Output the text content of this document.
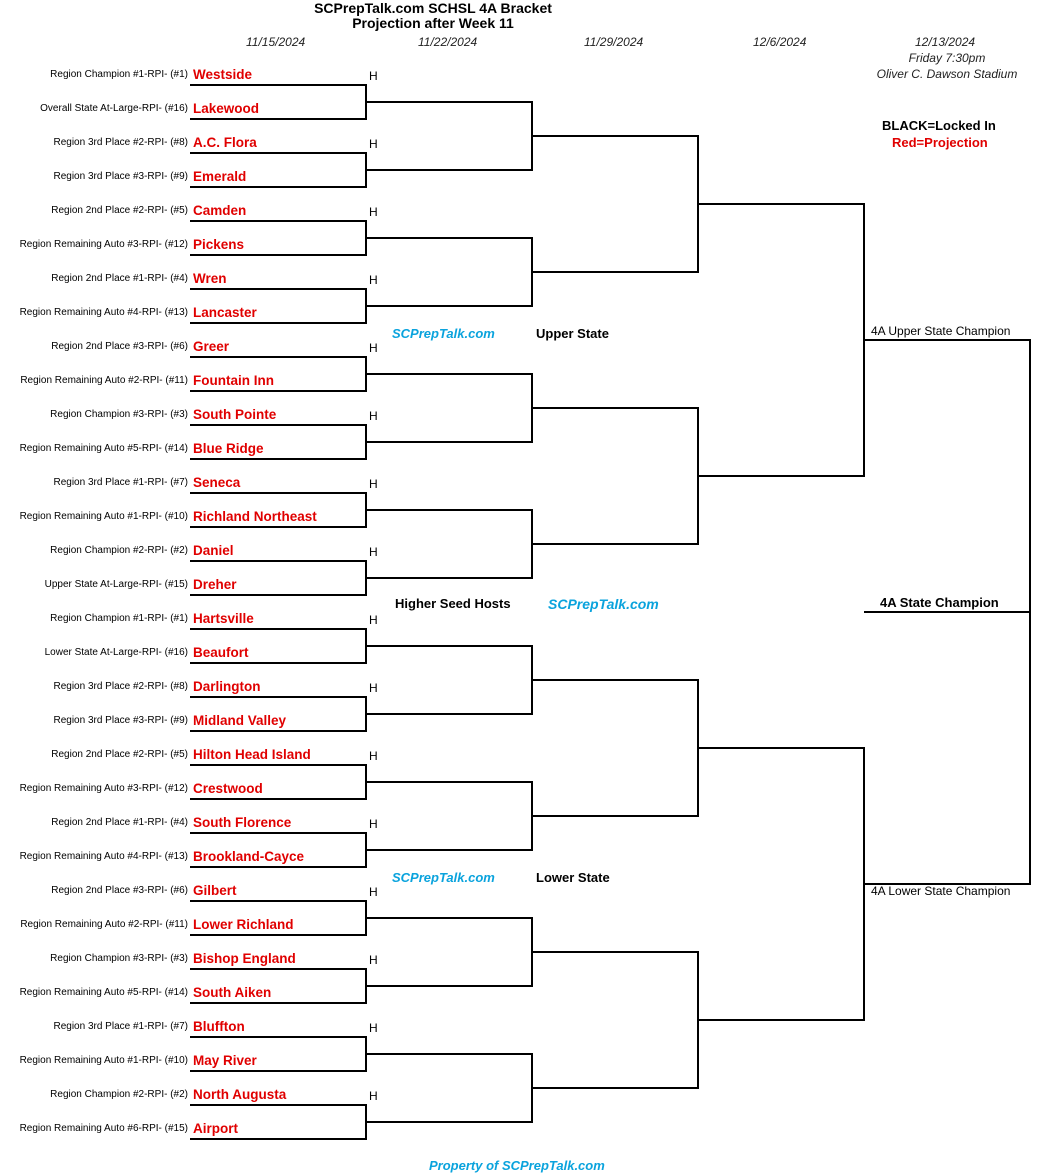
SCPrepTalk.com SCHSL 4A Bracket
Projection after Week 11
11/15/2024	11/22/2024	11/29/2024	12/6/2024	12/13/2024
Friday 7:30pm
Oliver C. Dawson Stadium
BLACK=Locked In
Red=Projection
SCPrepTalk.com	Upper State
Higher Seed Hosts	SCPrepTalk.com
SCPrepTalk.com	Lower State
4A Upper State Champion
4A Lower State Champion
4A State Champion
Property of SCPrepTalk.com
Region Champion #1-RPI- (#1) Westside	H
Overall State At-Large-RPI- (#16) Lakewood
Region 3rd Place #2-RPI- (#8) A.C. Flora	H
Region 3rd Place #3-RPI- (#9) Emerald
Region 2nd Place #2-RPI- (#5) Camden	H
Region Remaining Auto #3-RPI- (#12) Pickens
Region 2nd Place #1-RPI- (#4) Wren	H
Region Remaining Auto #4-RPI- (#13) Lancaster
Region 2nd Place #3-RPI- (#6) Greer	H
Region Remaining Auto #2-RPI- (#11) Fountain Inn
Region Champion #3-RPI- (#3) South Pointe	H
Region Remaining Auto #5-RPI- (#14) Blue Ridge
Region 3rd Place #1-RPI- (#7) Seneca	H
Region Remaining Auto #1-RPI- (#10) Richland Northeast
Region Champion #2-RPI- (#2) Daniel	H
Upper State At-Large-RPI- (#15) Dreher
Region Champion #1-RPI- (#1) Hartsville	H
Lower State At-Large-RPI- (#16) Beaufort
Region 3rd Place #2-RPI- (#8) Darlington	H
Region 3rd Place #3-RPI- (#9) Midland Valley
Region 2nd Place #2-RPI- (#5) Hilton Head Island	H
Region Remaining Auto #3-RPI- (#12) Crestwood
Region 2nd Place #1-RPI- (#4) South Florence	H
Region Remaining Auto #4-RPI- (#13) Brookland-Cayce
Region 2nd Place #3-RPI- (#6) Gilbert	H
Region Remaining Auto #2-RPI- (#11) Lower Richland
Region Champion #3-RPI- (#3) Bishop England	H
Region Remaining Auto #5-RPI- (#14) South Aiken
Region 3rd Place #1-RPI- (#7) Bluffton	H
Region Remaining Auto #1-RPI- (#10) May River
Region Champion #2-RPI- (#2) North Augusta	H
Region Remaining Auto #6-RPI- (#15) Airport
